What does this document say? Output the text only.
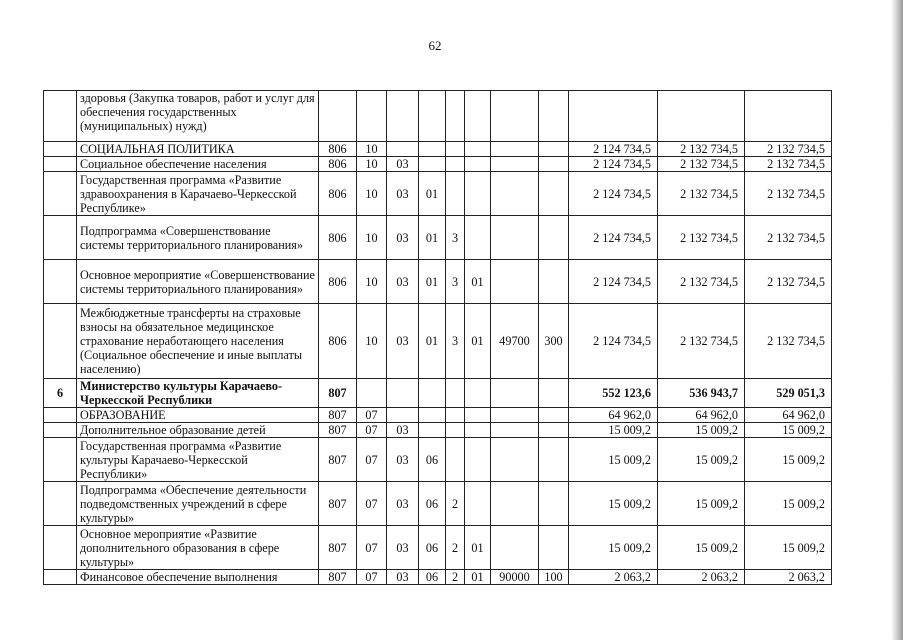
62
	здоровья (Закупка товаров, работ и услуг для обеспечения государственных (муниципальных) нужд)											
	СОЦИАЛЬНАЯ ПОЛИТИКА	806	10							2 124 734,5	2 132 734,5	2 132 734,5
	Социальное обеспечение населения	806	10	03						2 124 734,5	2 132 734,5	2 132 734,5
	Государственная программа «Развитие здравоохранения в Карачаево-Черкесской Республике»	806	10	03	01					2 124 734,5	2 132 734,5	2 132 734,5
	Подпрограмма «Совершенствование системы территориального планирования»	806	10	03	01	3				2 124 734,5	2 132 734,5	2 132 734,5
	Основное мероприятие «Совершенствование системы территориального планирования»	806	10	03	01	3	01			2 124 734,5	2 132 734,5	2 132 734,5
	Межбюджетные трансферты на страховые взносы на обязательное медицинское страхование неработающего населения (Социальное обеспечение и иные выплаты населению)	806	10	03	01	3	01	49700	300	2 124 734,5	2 132 734,5	2 132 734,5
6	Министерство культуры Карачаево-Черкесской Республики	807								552 123,6	536 943,7	529 051,3
	ОБРАЗОВАНИЕ	807	07							64 962,0	64 962,0	64 962,0
	Дополнительное образование детей	807	07	03						15 009,2	15 009,2	15 009,2
	Государственная программа «Развитие культуры Карачаево-Черкесской Республики»	807	07	03	06					15 009,2	15 009,2	15 009,2
	Подпрограмма «Обеспечение деятельности подведомственных учреждений в сфере культуры»	807	07	03	06	2				15 009,2	15 009,2	15 009,2
	Основное мероприятие «Развитие дополнительного образования в сфере культуры»	807	07	03	06	2	01			15 009,2	15 009,2	15 009,2
	Финансовое обеспечение выполнения	807	07	03	06	2	01	90000	100	2 063,2	2 063,2	2 063,2
